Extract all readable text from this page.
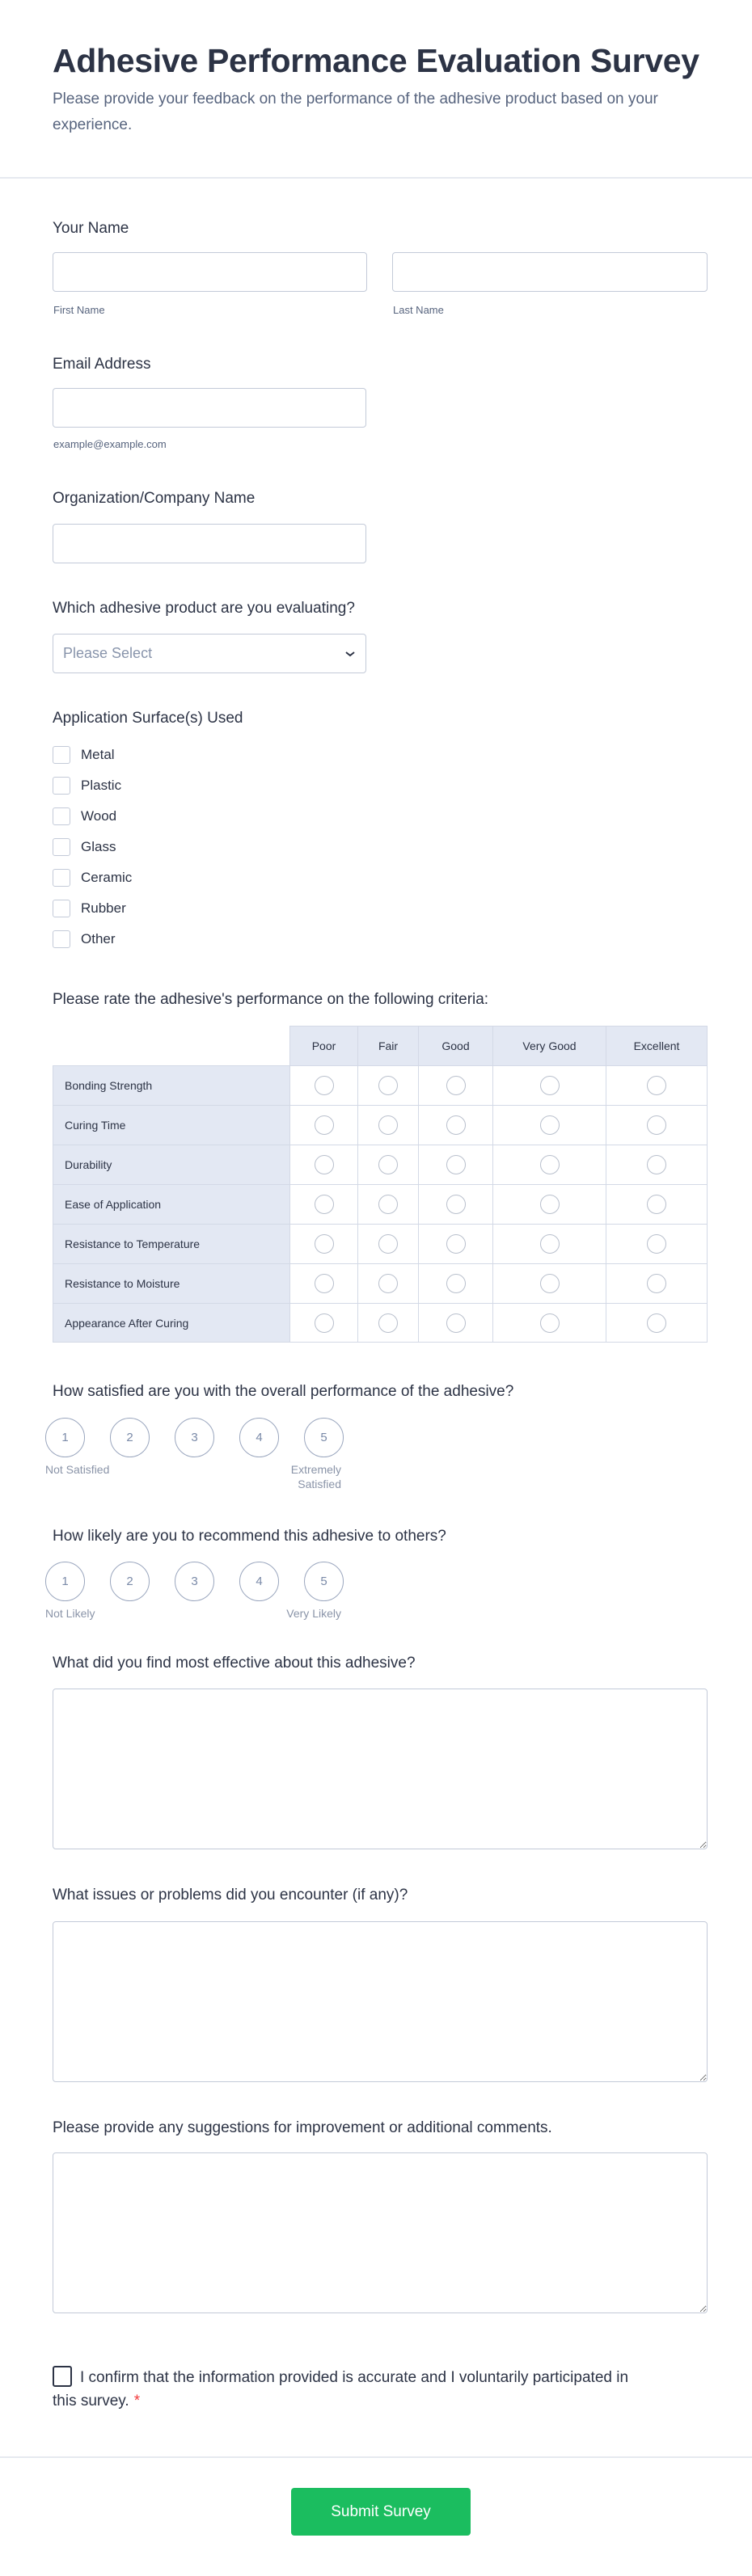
Adhesive Performance Evaluation Survey
Please provide your feedback on the performance of the adhesive product based on your experience.
Your Name
First Name	Last Name
Email Address
example@example.com
Organization/Company Name
Which adhesive product are you evaluating?
Please Select
Application Surface(s) Used
Metal
Plastic
Wood
Glass
Ceramic
Rubber
Other
Please rate the adhesive's performance on the following criteria:
	Poor	Fair	Good	Very Good	Excellent
Bonding Strength					
Curing Time					
Durability					
Ease of Application					
Resistance to Temperature					
Resistance to Moisture					
Appearance After Curing					
How satisfied are you with the overall performance of the adhesive?
1	2	3	4	5
Not Satisfied	Extremely Satisfied
How likely are you to recommend this adhesive to others?
1	2	3	4	5
Not Likely	Very Likely
What did you find most effective about this adhesive?
What issues or problems did you encounter (if any)?
Please provide any suggestions for improvement or additional comments.
I confirm that the information provided is accurate and I voluntarily participated in this survey. *
Submit Survey
